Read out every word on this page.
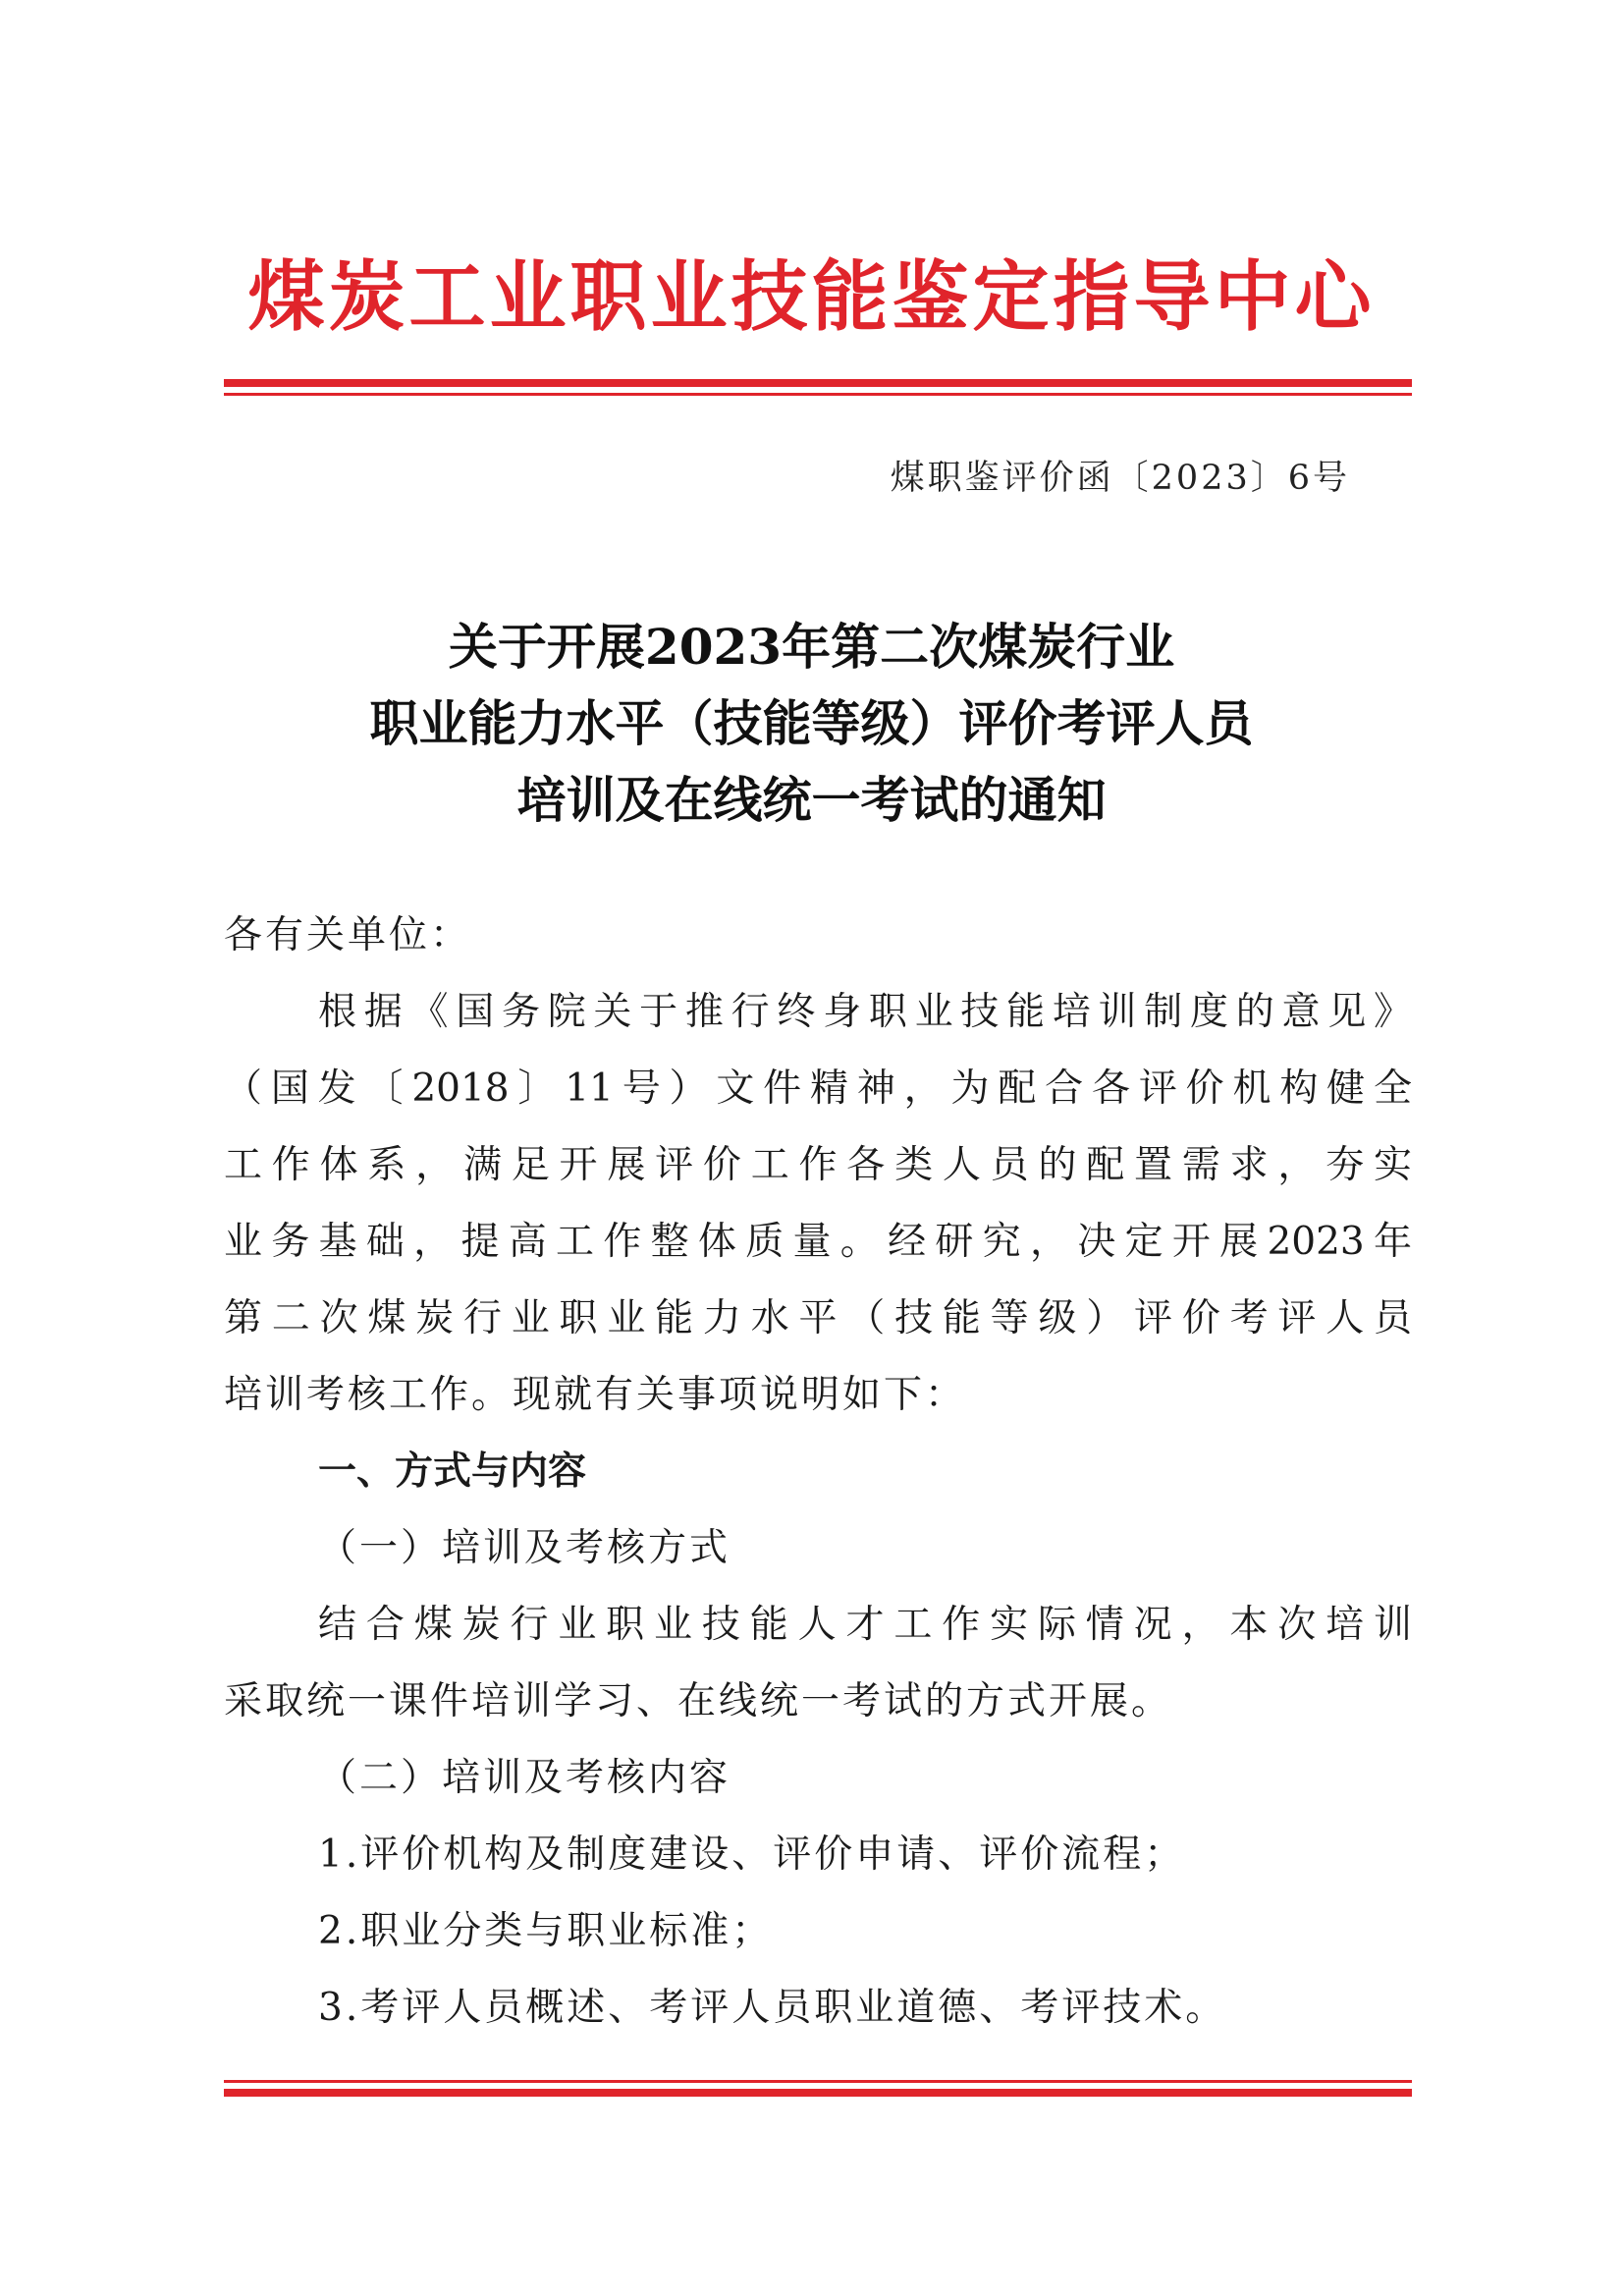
煤炭工业职业技能鉴定指导中心
煤职鉴评价函〔2023〕6号
关于开展2023年第二次煤炭行业
职业能力水平（技能等级）评价考评人员
培训及在线统一考试的通知
各有关单位：
根据《国务院关于推行终身职业技能培训制度的意见》
（国发〔2018〕11号）文件精神，为配合各评价机构健全
工作体系，满足开展评价工作各类人员的配置需求，夯实
业务基础，提高工作整体质量。经研究，决定开展2023年
第二次煤炭行业职业能力水平（技能等级）评价考评人员
培训考核工作。现就有关事项说明如下：
一、方式与内容
（一）培训及考核方式
结合煤炭行业职业技能人才工作实际情况，本次培训
采取统一课件培训学习、在线统一考试的方式开展。
（二）培训及考核内容
1.评价机构及制度建设、评价申请、评价流程；
2.职业分类与职业标准；
3.考评人员概述、考评人员职业道德、考评技术。
